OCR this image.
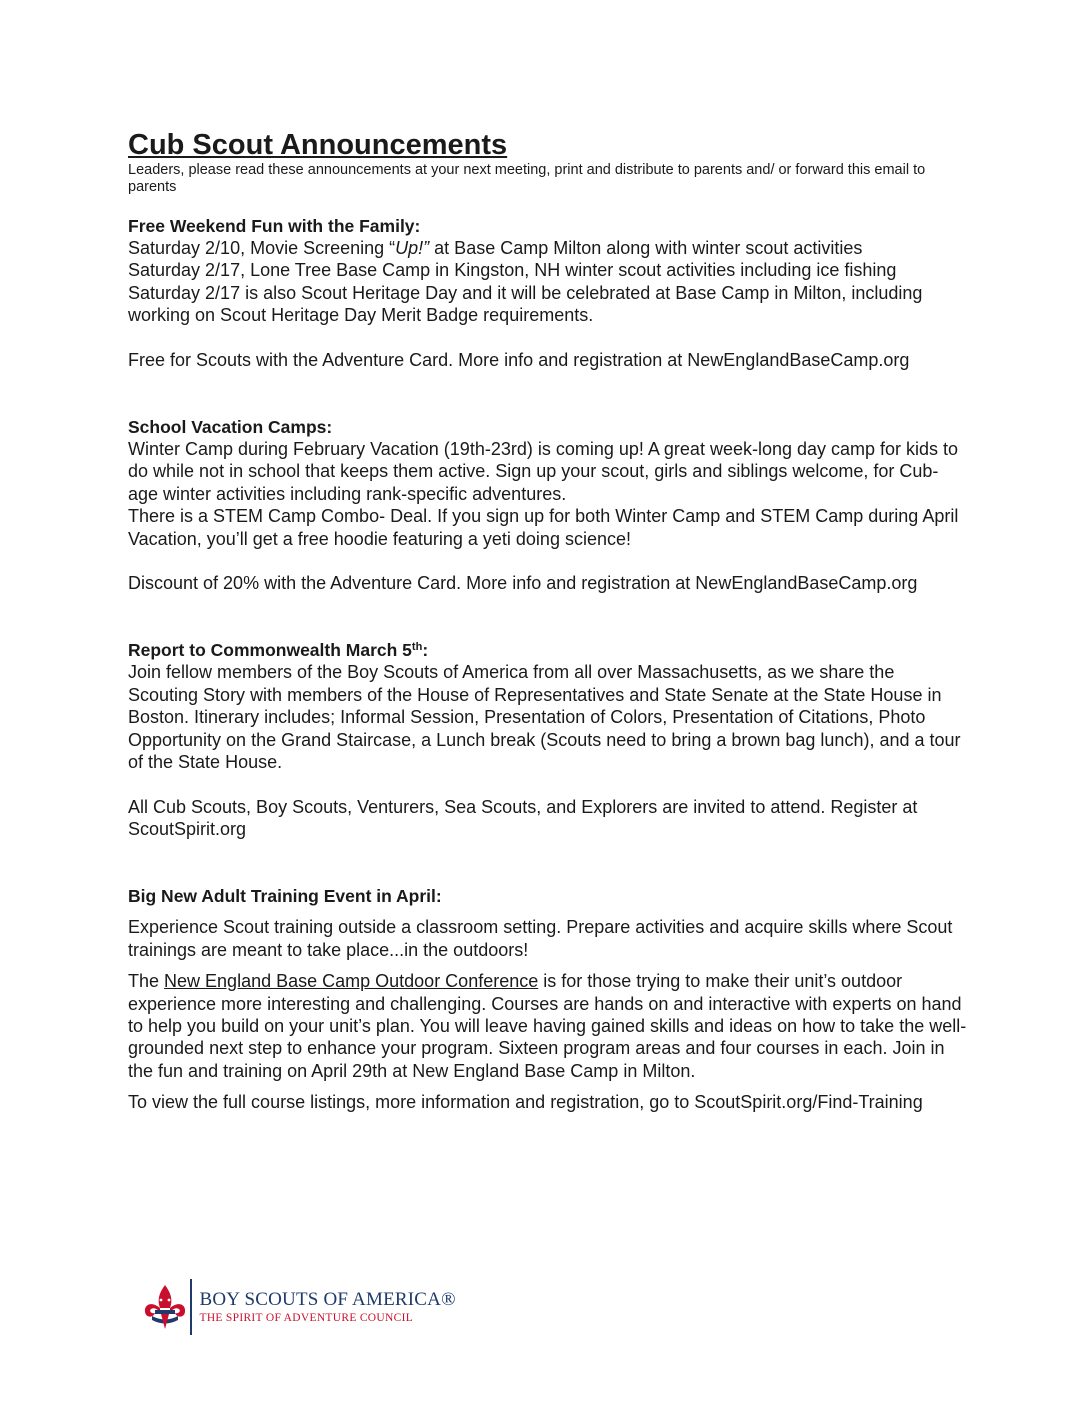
Cub Scout Announcements

Leaders, please read these announcements at your next meeting, print and distribute to parents and/ or forward this email to parents

Free Weekend Fun with the Family:

Saturday 2/10, Movie Screening “Up!” at Base Camp Milton along with winter scout activities

Saturday 2/17, Lone Tree Base Camp in Kingston, NH winter scout activities including ice fishing

Saturday 2/17 is also Scout Heritage Day and it will be celebrated at Base Camp in Milton, including working on Scout Heritage Day Merit Badge requirements.

Free for Scouts with the Adventure Card. More info and registration at NewEnglandBaseCamp.org

School Vacation Camps:

Winter Camp during February Vacation (19th-23rd) is coming up! A great week-long day camp for kids to do while not in school that keeps them active. Sign up your scout, girls and siblings welcome, for Cub-age winter activities including rank-specific adventures.

There is a STEM Camp Combo- Deal. If you sign up for both Winter Camp and STEM Camp during April Vacation, you’ll get a free hoodie featuring a yeti doing science!

Discount of 20% with the Adventure Card. More info and registration at NewEnglandBaseCamp.org

Report to Commonwealth March 5th:

Join fellow members of the Boy Scouts of America from all over Massachusetts, as we share the Scouting Story with members of the House of Representatives and State Senate at the State House in Boston. Itinerary includes; Informal Session, Presentation of Colors, Presentation of Citations, Photo Opportunity on the Grand Staircase, a Lunch break (Scouts need to bring a brown bag lunch), and a tour of the State House.

All Cub Scouts, Boy Scouts, Venturers, Sea Scouts, and Explorers are invited to attend. Register at ScoutSpirit.org

Big New Adult Training Event in April:

Experience Scout training outside a classroom setting. Prepare activities and acquire skills where Scout trainings are meant to take place...in the outdoors!

The New England Base Camp Outdoor Conference is for those trying to make their unit’s outdoor experience more interesting and challenging. Courses are hands on and interactive with experts on hand to help you build on your unit’s plan. You will leave having gained skills and ideas on how to take the well-grounded next step to enhance your program. Sixteen program areas and four courses in each. Join in the fun and training on April 29th at New England Base Camp in Milton.

To view the full course listings, more information and registration, go to ScoutSpirit.org/Find-Training

BOY SCOUTS OF AMERICA®
THE SPIRIT OF ADVENTURE COUNCIL
